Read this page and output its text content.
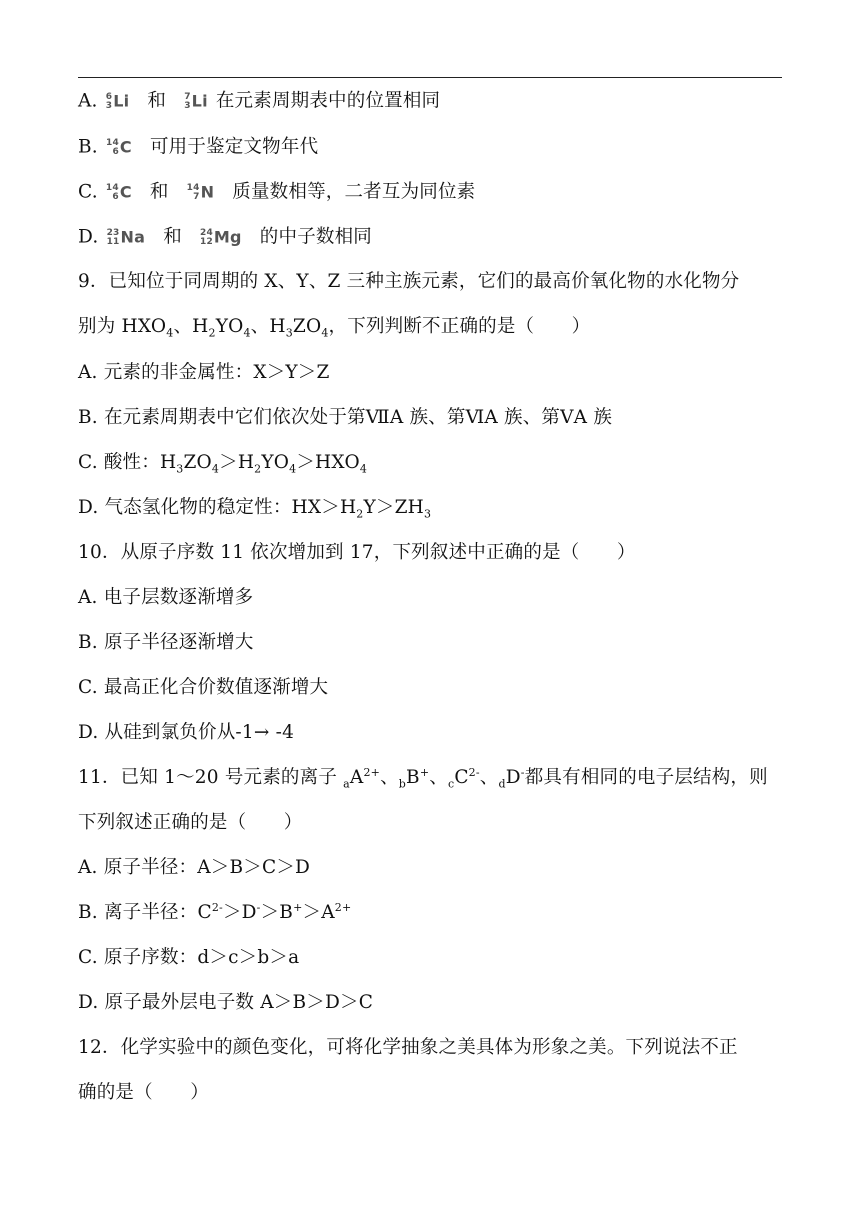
A. 6
3 Li 和 7
3 Li 在元素周期表中的位置相同
B. 14
6 C 可用于鉴定文物年代
C. 14
6 C 和 14
7 N 质量数相等，二者互为同位素
D. 23
11 Na 和 24
12 Mg 的中子数相同
9．已知位于同周期的 X、Y、Z 三种主族元素，它们的最高价氧化物的水化物分
别为 $HXO_4$、$H_2YO_4$、$H_3ZO_4$，下列判断不正确的是（　　）
A. 元素的非金属性：X＞Y＞Z
B. 在元素周期表中它们依次处于第ⅦA 族、第ⅥA 族、第ⅤA 族
C. 酸性：$H_3ZO_4>H_2YO_4>HXO_4$
D. 气态氢化物的稳定性：$HX>H_2Y>ZH_3$
10．从原子序数 11 依次增加到 17，下列叙述中正确的是（　　）
A. 电子层数逐渐增多
B. 原子半径逐渐增大
C. 最高正化合价数值逐渐增大
D. 从硅到氯负价从-1→ -4
11．已知 1～20 号元素的离子 $_aA^{2+}$、$_b$B+、$_cC^{2-}$、$_d$D-都具有相同的电子层结构，则
下列叙述正确的是（　　）
A. 原子半径：A＞B＞C＞D
B. 离子半径：$C^{2-}>D^->B^+>A^{2+}$
C. 原子序数：d＞c＞b＞a
D. 原子最外层电子数 A＞B＞D＞C
12．化学实验中的颜色变化，可将化学抽象之美具体为形象之美。下列说法不正
确的是（　　）
